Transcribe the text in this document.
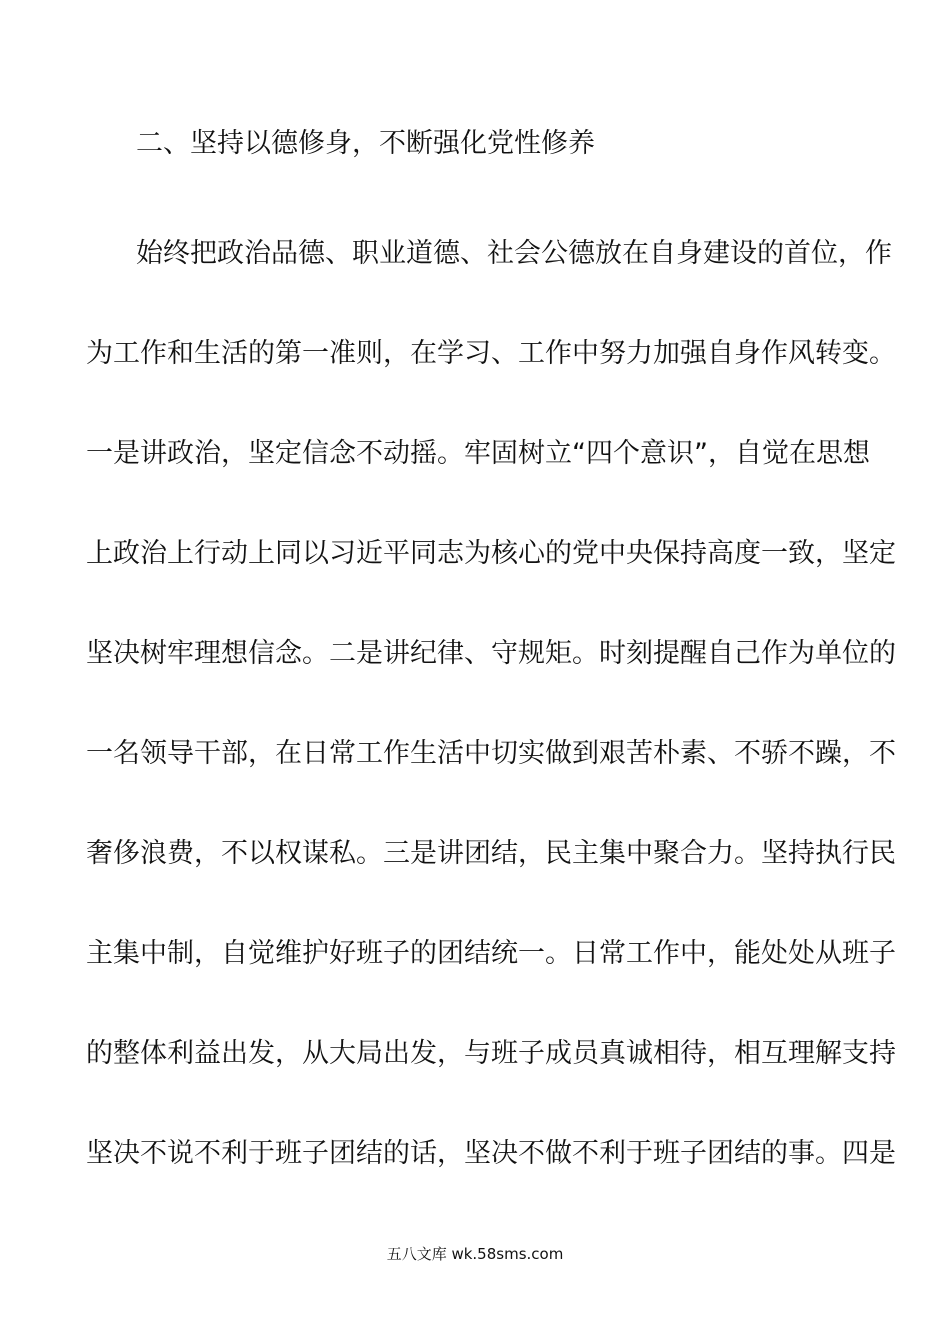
二、坚持以德修身，不断强化党性修养
始终把政治品德、职业道德、社会公德放在自身建设的首位，作
为工作和生活的第一准则，在学习、工作中努力加强自身作风转变。
一是讲政治，坚定信念不动摇。牢固树立“四个意识”，自觉在思想
上政治上行动上同以习近平同志为核心的党中央保持高度一致，坚定
坚决树牢理想信念。二是讲纪律、守规矩。时刻提醒自己作为单位的
一名领导干部，在日常工作生活中切实做到艰苦朴素、不骄不躁，不
奢侈浪费，不以权谋私。三是讲团结，民主集中聚合力。坚持执行民
主集中制，自觉维护好班子的团结统一。日常工作中，能处处从班子
的整体利益出发，从大局出发，与班子成员真诚相待，相互理解支持
坚决不说不利于班子团结的话，坚决不做不利于班子团结的事。四是
五八文库 wk.58sms.com
